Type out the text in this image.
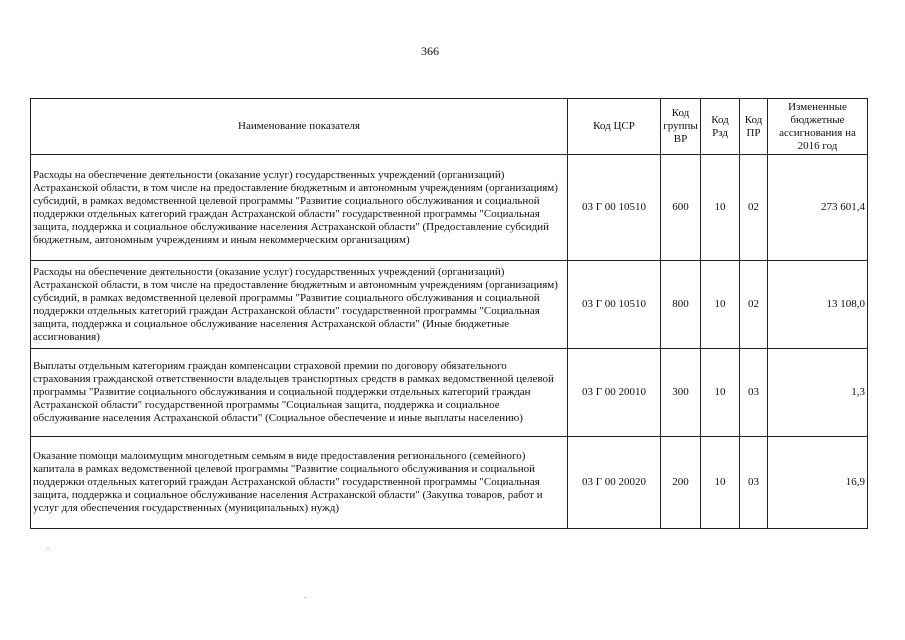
366
Наименование показателя	Код ЦСР	Код группы ВР	Код Рзд	Код ПР	Измененные бюджетные ассигнования на 2016 год
Расходы на обеспечение деятельности (оказание услуг) государственных учреждений (организаций) Астраханской области, в том числе на предоставление бюджетным и автономным учреждениям (организациям) субсидий, в рамках ведомственной целевой программы "Развитие социального обслуживания и социальной поддержки отдельных категорий граждан Астраханской области" государственной программы "Социальная защита, поддержка и социальное обслуживание населения Астраханской области" (Предоставление субсидий бюджетным, автономным учреждениям и иным некоммерческим организациям)	03 Г 00 10510	600	10	02	273 601,4
Расходы на обеспечение деятельности (оказание услуг) государственных учреждений (организаций) Астраханской области, в том числе на предоставление бюджетным и автономным учреждениям (организациям) субсидий, в рамках ведомственной целевой программы "Развитие социального обслуживания и социальной поддержки отдельных категорий граждан Астраханской области" государственной программы "Социальная защита, поддержка и социальное обслуживание населения Астраханской области" (Иные бюджетные ассигнования)	03 Г 00 10510	800	10	02	13 108,0
Выплаты отдельным категориям граждан компенсации страховой премии по договору обязательного страхования гражданской ответственности владельцев транспортных средств в рамках ведомственной целевой программы "Развитие социального обслуживания и социальной поддержки отдельных категорий граждан Астраханской области" государственной программы "Социальная защита, поддержка и социальное обслуживание населения Астраханской области" (Социальное обеспечение и иные выплаты населению)	03 Г 00 20010	300	10	03	1,3
Оказание помощи малоимущим многодетным семьям в виде предоставления регионального (семейного) капитала в рамках ведомственной целевой программы "Развитие социального обслуживания и социальной поддержки отдельных категорий граждан Астраханской области" государственной программы "Социальная защита, поддержка и социальное обслуживание населения Астраханской области" (Закупка товаров, работ и услуг для обеспечения государственных (муниципальных) нужд)	03 Г 00 20020	200	10	03	16,9
